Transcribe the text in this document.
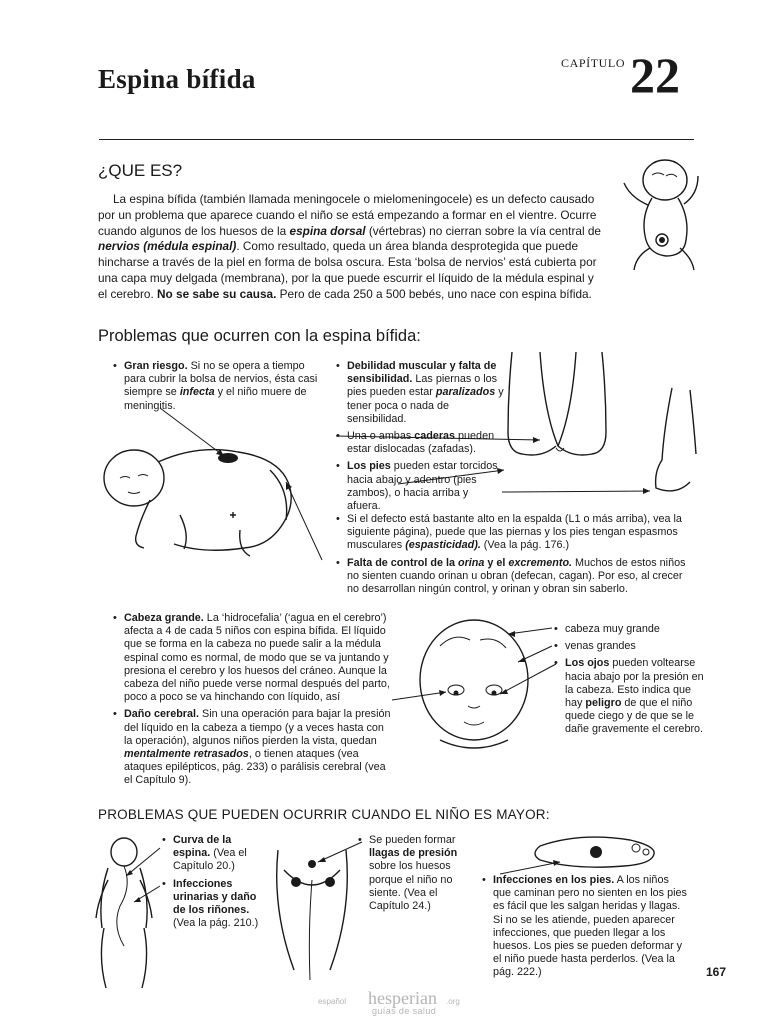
Espina bífida
CAPÍTULO 22
¿QUE ES?

La espina bífida (también llamada meningocele o mielomeningocele) es un defecto causado por un problema que aparece cuando el niño se está empezando a formar en el vientre. Ocurre cuando algunos de los huesos de la espina dorsal (vértebras) no cierran sobre la vía central de nervios (médula espinal). Como resultado, queda un área blanda desprotegida que puede hincharse a través de la piel en forma de bolsa oscura. Esta ‘bolsa de nervios’ está cubierta por una capa muy delgada (membrana), por la que puede escurrir el líquido de la médula espinal y el cerebro. No se sabe su causa. Pero de cada 250 a 500 bebés, uno nace con espina bífida.

Problemas que ocurren con la espina bífida:

• Gran riesgo. Si no se opera a tiempo para cubrir la bolsa de nervios, ésta casi siempre se infecta y el niño muere de meningitis.

• Debilidad muscular y falta de sensibilidad. Las piernas o los pies pueden estar paralizados y tener poca o nada de sensibilidad.

• Una o ambas caderas pueden estar dislocadas (zafadas).

• Los pies pueden estar torcidos hacia abajo y adentro (pies zambos), o hacia arriba y afuera.

• Si el defecto está bastante alto en la espalda (L1 o más arriba), vea la siguiente página), puede que las piernas y los pies tengan espasmos musculares (espasticidad). (Vea la pág. 176.)

• Falta de control de la orina y el excremento. Muchos de estos niños no sienten cuando orinan u obran (defecan, cagan). Por eso, al crecer no desarrollan ningún control, y orinan y obran sin saberlo.

• Cabeza grande. La ‘hidrocefalia’ (‘agua en el cerebro’) afecta a 4 de cada 5 niños con espina bífida. El líquido que se forma en la cabeza no puede salir a la médula espinal como es normal, de modo que se va juntando y presiona el cerebro y los huesos del cráneo. Aunque la cabeza del niño puede verse normal después del parto, poco a poco se va hinchando con líquido, así

• Daño cerebral. Sin una operación para bajar la presión del líquido en la cabeza a tiempo (y a veces hasta con la operación), algunos niños pierden la vista, quedan mentalmente retrasados, o tienen ataques (vea ataques epilépticos, pág. 233) o parálisis cerebral (vea el Capítulo 9).

• cabeza muy grande

• venas grandes

• Los ojos pueden voltearse hacia abajo por la presión en la cabeza. Esto indica que hay peligro de que el niño quede ciego y de que se le dañe gravemente el cerebro.

PROBLEMAS QUE PUEDEN OCURRIR CUANDO EL NIÑO ES MAYOR:

• Curva de la espina. (Vea el Capítulo 20.)

• Infecciones urinarias y daño de los riñones. (Vea la pág. 210.)

• Se pueden formar llagas de presión sobre los huesos porque el niño no siente. (Vea el Capítulo 24.)

• Infecciones en los pies. A los niños que caminan pero no sienten en los pies es fácil que les salgan heridas y llagas. Si no se les atiende, pueden aparecer infecciones, que pueden llegar a los huesos. Los pies se pueden deformar y el niño puede hasta perderlos. (Vea la pág. 222.)	167
español hesperian .org
guías de salud
